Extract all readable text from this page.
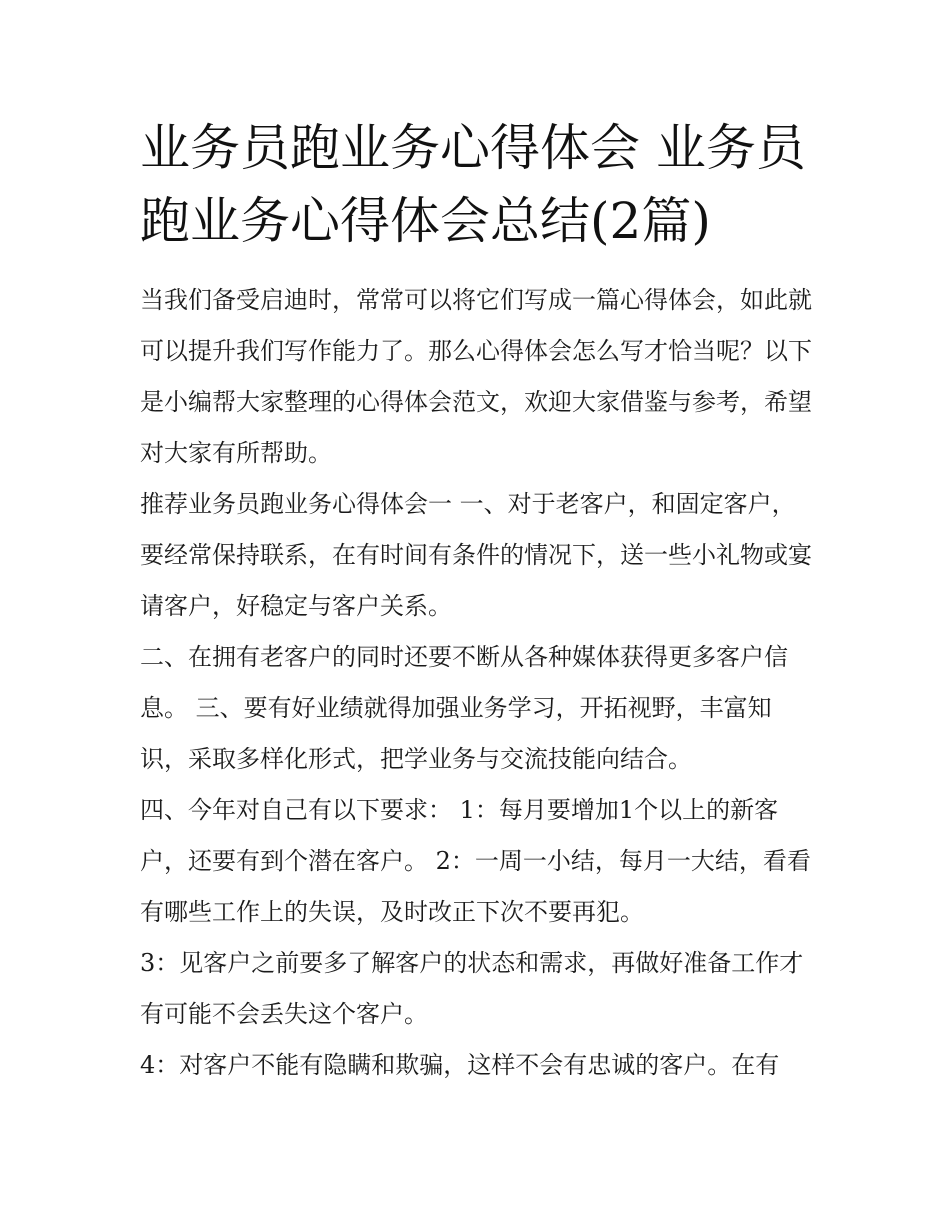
业务员跑业务心得体会 业务员跑业务心得体会总结(2篇)

当我们备受启迪时，常常可以将它们写成一篇心得体会，如此就可以提升我们写作能力了。那么心得体会怎么写才恰当呢？以下是小编帮大家整理的心得体会范文，欢迎大家借鉴与参考，希望对大家有所帮助。

推荐业务员跑业务心得体会一 一、对于老客户，和固定客户，要经常保持联系，在有时间有条件的情况下，送一些小礼物或宴请客户，好稳定与客户关系。

二、在拥有老客户的同时还要不断从各种媒体获得更多客户信息。 三、要有好业绩就得加强业务学习，开拓视野，丰富知识，采取多样化形式，把学业务与交流技能向结合。

四、今年对自己有以下要求： 1：每月要增加1个以上的新客户，还要有到个潜在客户。 2：一周一小结，每月一大结，看看有哪些工作上的失误，及时改正下次不要再犯。

3：见客户之前要多了解客户的状态和需求，再做好准备工作才有可能不会丢失这个客户。

4：对客户不能有隐瞒和欺骗，这样不会有忠诚的客户。在有
